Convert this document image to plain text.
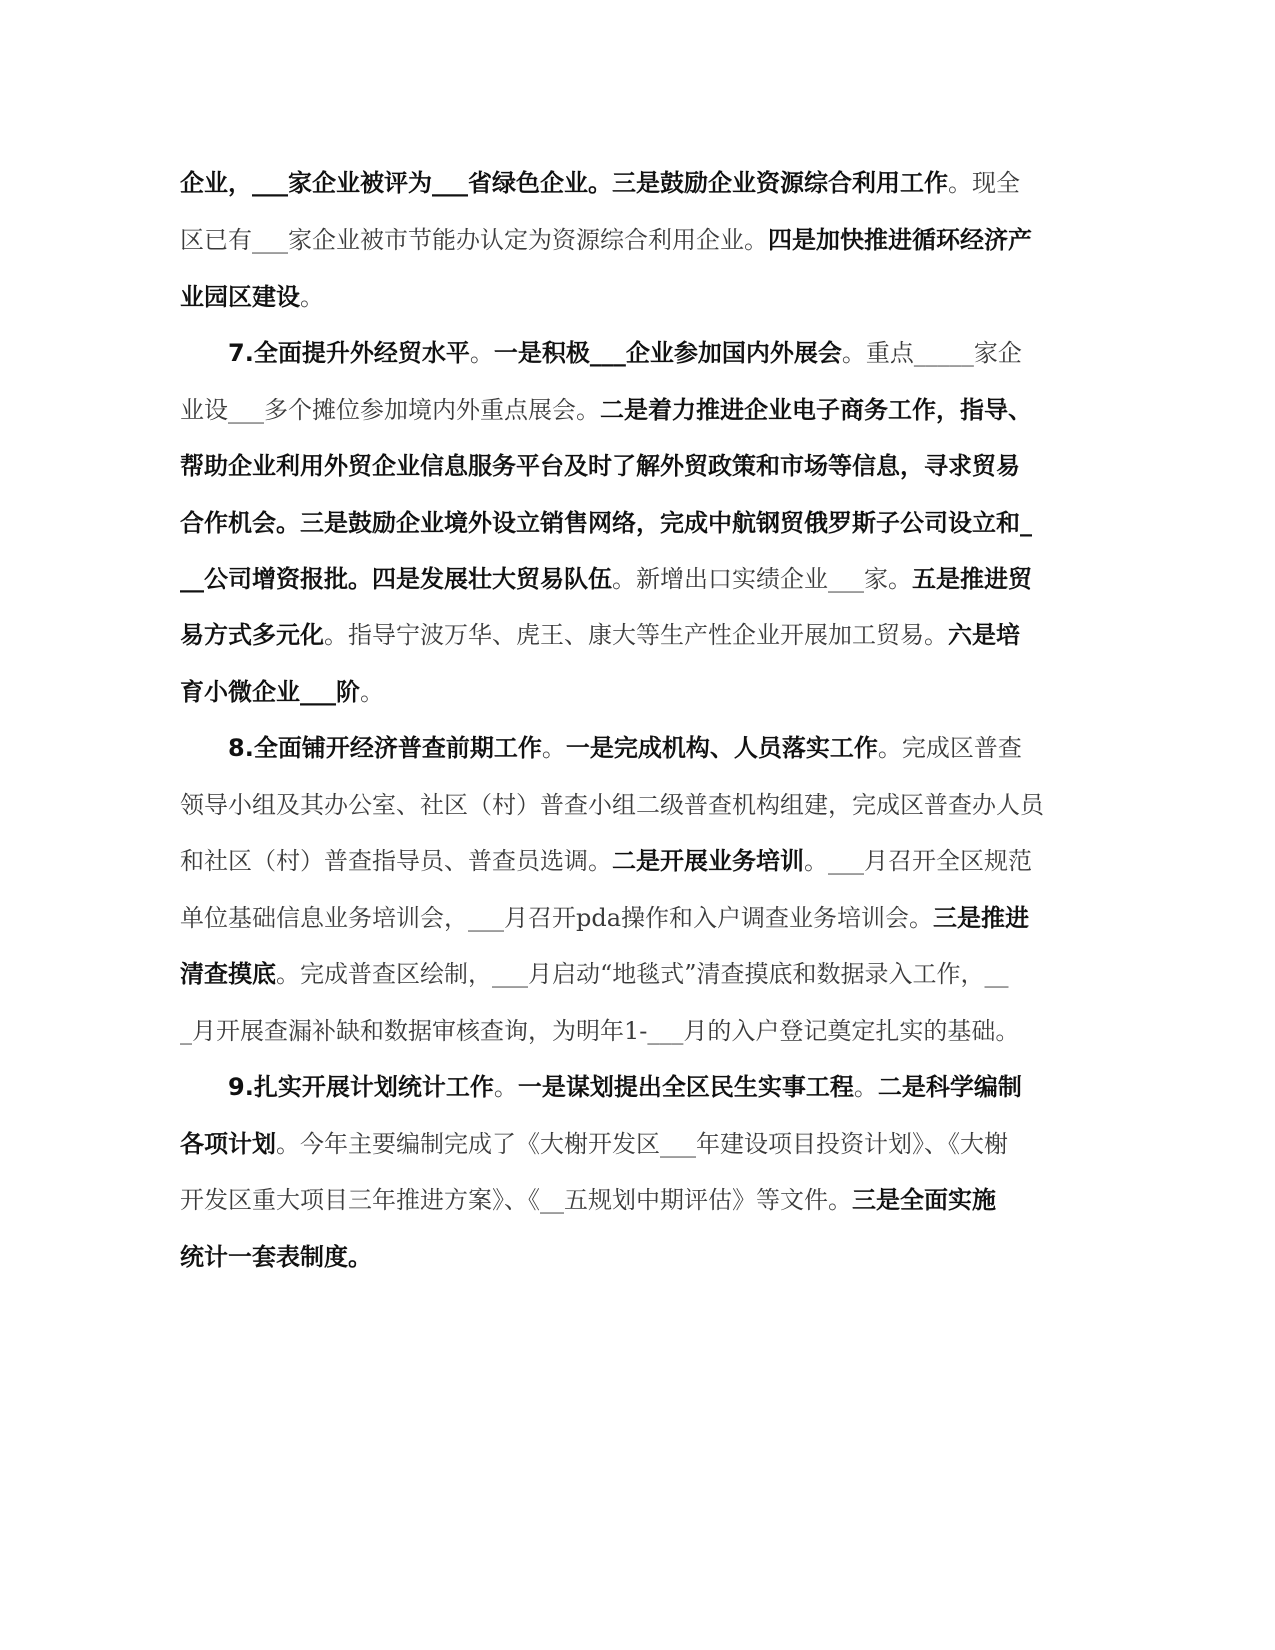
企业，___家企业被评为___省绿色企业。三是鼓励企业资源综合利用工作。现全
区已有___家企业被市节能办认定为资源综合利用企业。四是加快推进循环经济产
业园区建设。
7.全面提升外经贸水平。一是积极___企业参加国内外展会。重点_____家企
业设___多个摊位参加境内外重点展会。二是着力推进企业电子商务工作，指导、
帮助企业利用外贸企业信息服务平台及时了解外贸政策和市场等信息，寻求贸易
合作机会。三是鼓励企业境外设立销售网络，完成中航钢贸俄罗斯子公司设立和_
__公司增资报批。四是发展壮大贸易队伍。新增出口实绩企业___家。五是推进贸
易方式多元化。指导宁波万华、虎王、康大等生产性企业开展加工贸易。六是培
育小微企业___阶。
8.全面铺开经济普查前期工作。一是完成机构、人员落实工作。完成区普查
领导小组及其办公室、社区（村）普查小组二级普查机构组建，完成区普查办人员
和社区（村）普查指导员、普查员选调。二是开展业务培训。___月召开全区规范
单位基础信息业务培训会，___月召开pda操作和入户调查业务培训会。三是推进
清查摸底。完成普查区绘制，___月启动“地毯式”清查摸底和数据录入工作，__
_月开展查漏补缺和数据审核查询，为明年1-___月的入户登记奠定扎实的基础。
9.扎实开展计划统计工作。一是谋划提出全区民生实事工程。二是科学编制
各项计划。今年主要编制完成了《大榭开发区___年建设项目投资计划》、《大榭
开发区重大项目三年推进方案》、《__五规划中期评估》等文件。三是全面实施
统计一套表制度。
